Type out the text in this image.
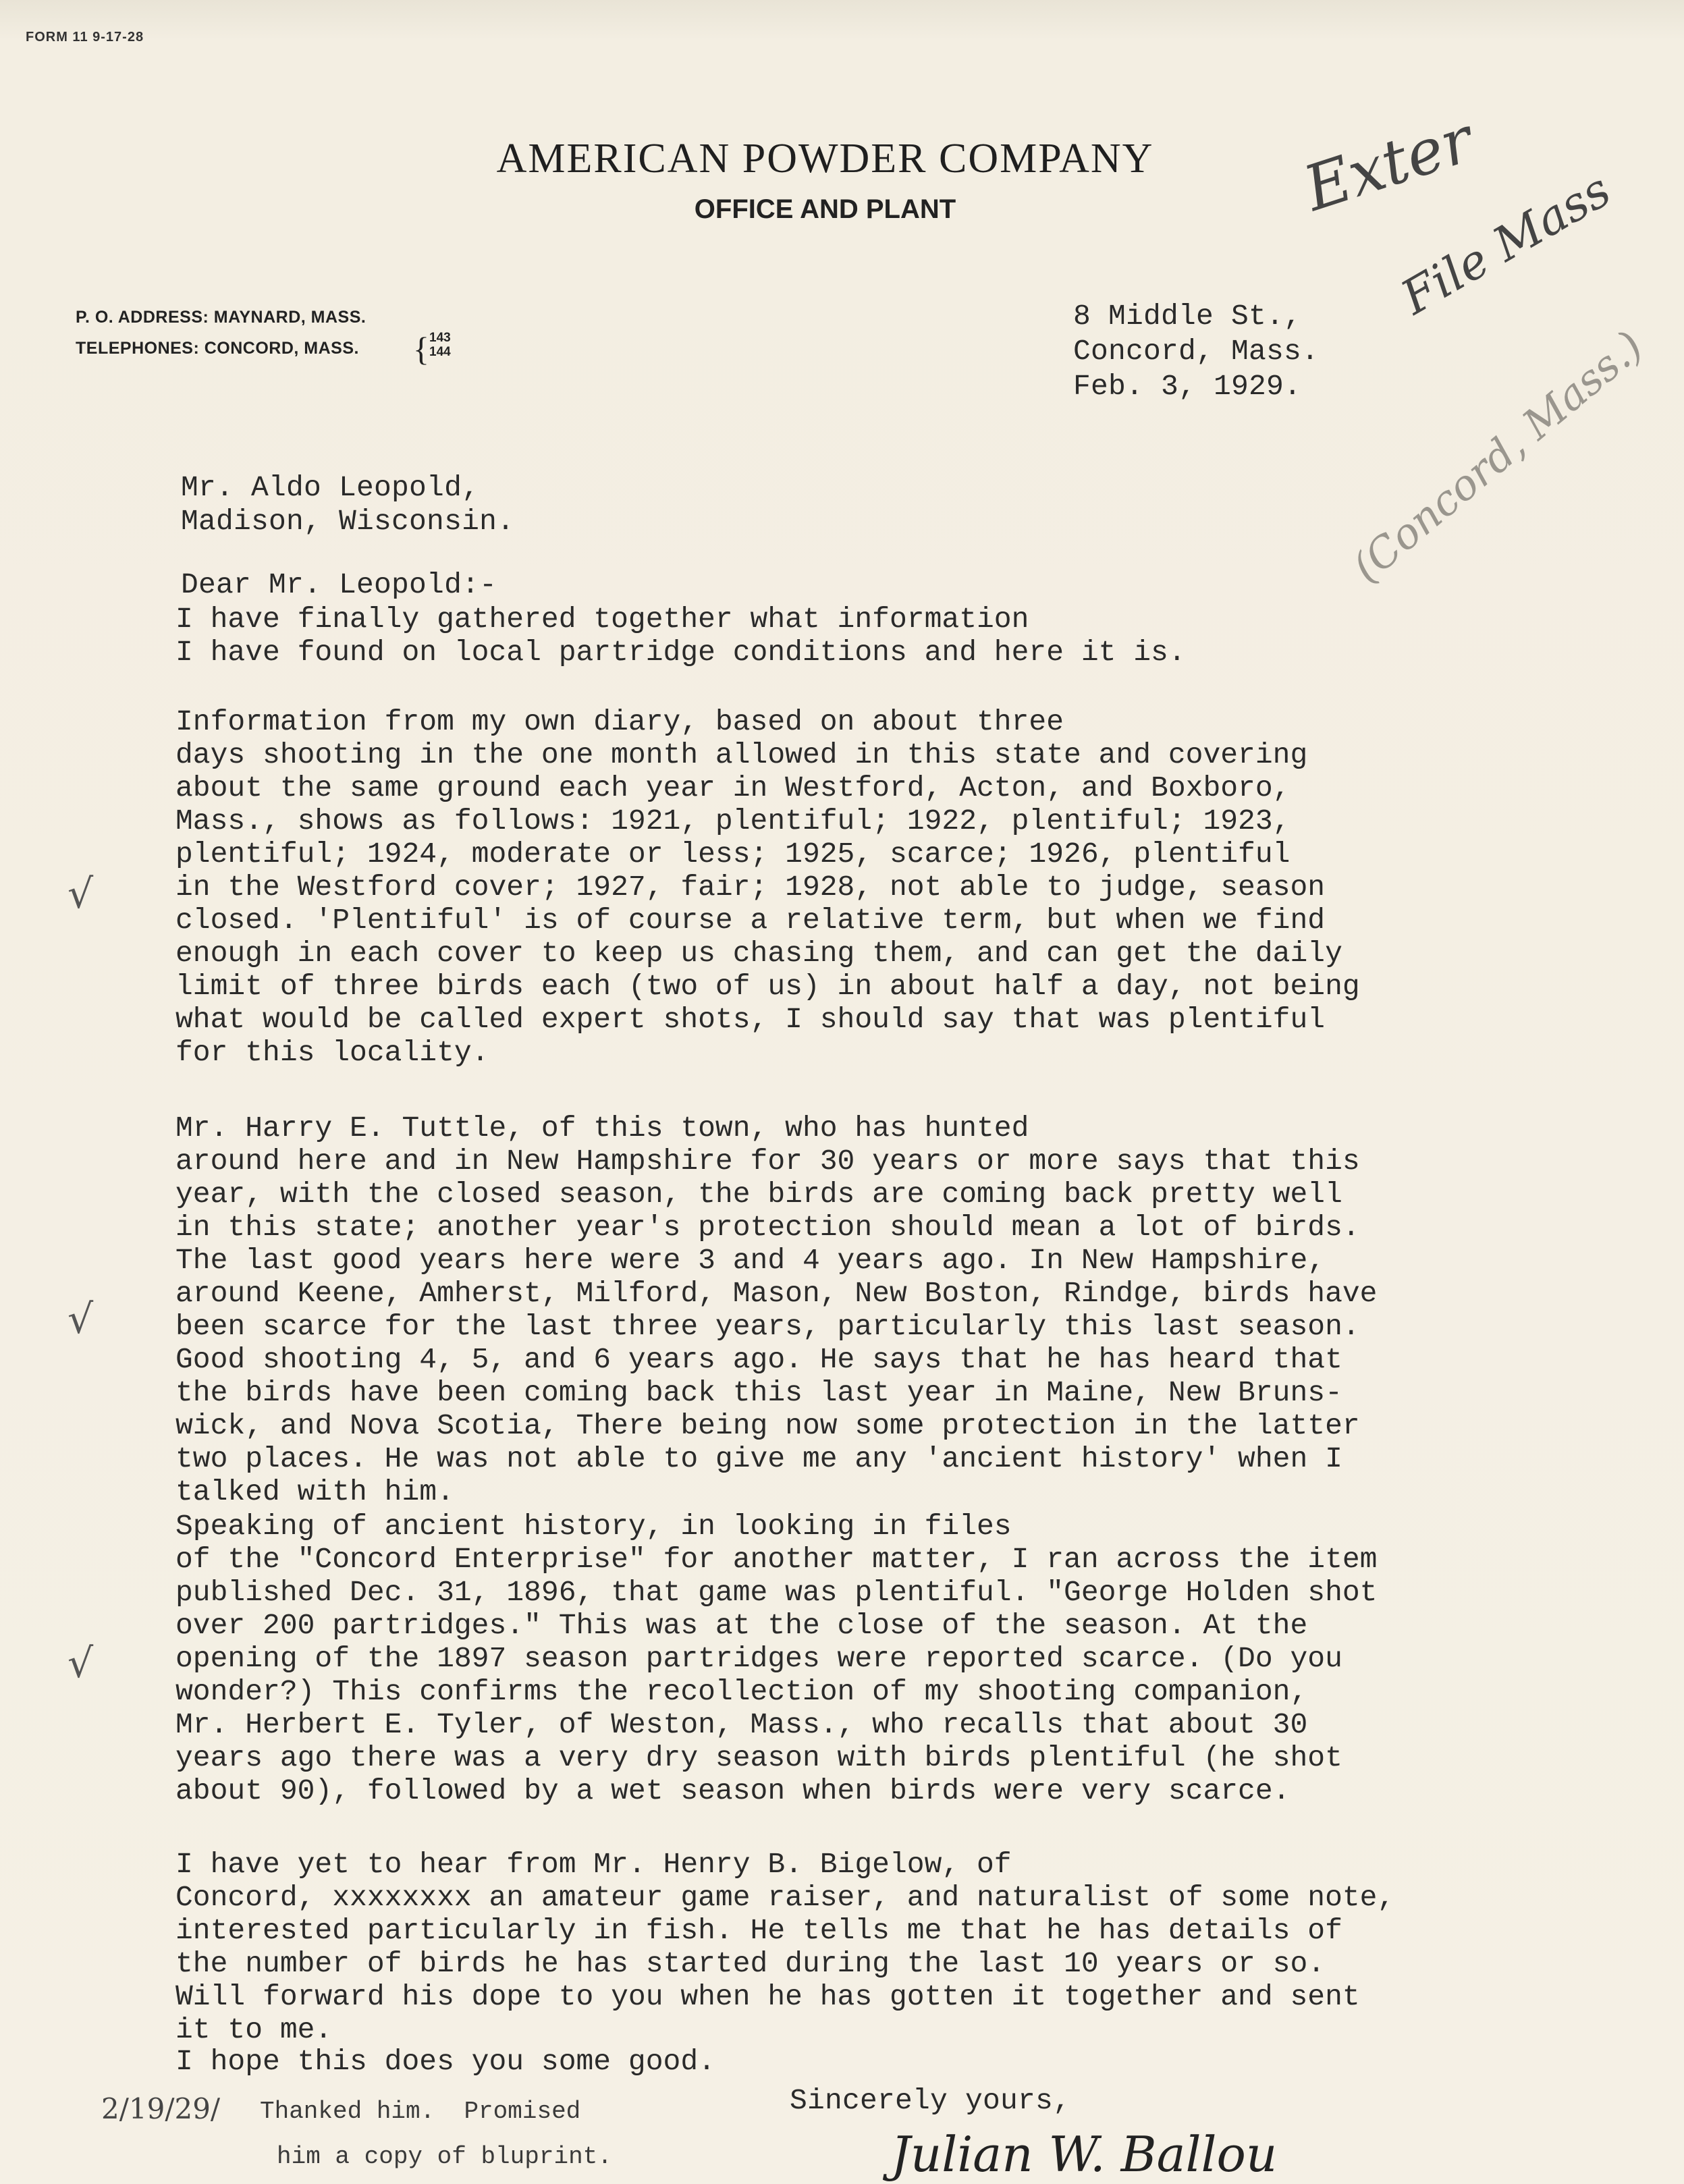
FORM 11 9-17-28
AMERICAN POWDER COMPANY
OFFICE AND PLANT
P. O. ADDRESS: MAYNARD, MASS.
TELEPHONES: CONCORD, MASS. { 143
144
8 Middle St.,
Concord, Mass.
Feb. 3, 1929.
Exter
File Mass
(Concord, Mass.)
Mr. Aldo Leopold,
Madison, Wisconsin.
Dear Mr. Leopold:-
I have finally gathered together what information
I have found on local partridge conditions and here it is.
Information from my own diary, based on about three
days shooting in the one month allowed in this state and covering
about the same ground each year in Westford, Acton, and Boxboro,
Mass., shows as follows: 1921, plentiful; 1922, plentiful; 1923,
plentiful; 1924, moderate or less; 1925, scarce; 1926, plentiful
in the Westford cover; 1927, fair; 1928, not able to judge, season
closed. 'Plentiful' is of course a relative term, but when we find
enough in each cover to keep us chasing them, and can get the daily
limit of three birds each (two of us) in about half a day, not being
what would be called expert shots, I should say that was plentiful
for this locality.
Mr. Harry E. Tuttle, of this town, who has hunted
around here and in New Hampshire for 30 years or more says that this
year, with the closed season, the birds are coming back pretty well
in this state; another year's protection should mean a lot of birds.
The last good years here were 3 and 4 years ago. In New Hampshire,
around Keene, Amherst, Milford, Mason, New Boston, Rindge, birds have
been scarce for the last three years, particularly this last season.
Good shooting 4, 5, and 6 years ago. He says that he has heard that
the birds have been coming back this last year in Maine, New Bruns-
wick, and Nova Scotia, There being now some protection in the latter
two places. He was not able to give me any 'ancient history' when I
talked with him.
Speaking of ancient history, in looking in files
of the "Concord Enterprise" for another matter, I ran across the item
published Dec. 31, 1896, that game was plentiful. "George Holden shot
over 200 partridges." This was at the close of the season. At the
opening of the 1897 season partridges were reported scarce. (Do you
wonder?) This confirms the recollection of my shooting companion,
Mr. Herbert E. Tyler, of Weston, Mass., who recalls that about 30
years ago there was a very dry season with birds plentiful (he shot
about 90), followed by a wet season when birds were very scarce.
I have yet to hear from Mr. Henry B. Bigelow, of
Concord, xxxxxxxx an amateur game raiser, and naturalist of some note,
interested particularly in fish. He tells me that he has details of
the number of birds he has started during the last 10 years or so.
Will forward his dope to you when he has gotten it together and sent
it to me.
I hope this does you some good.
√
√
√
Sincerely yours,
Julian W. Ballou
2/19/29/ Thanked him.  Promised
him a copy of bluprint.
